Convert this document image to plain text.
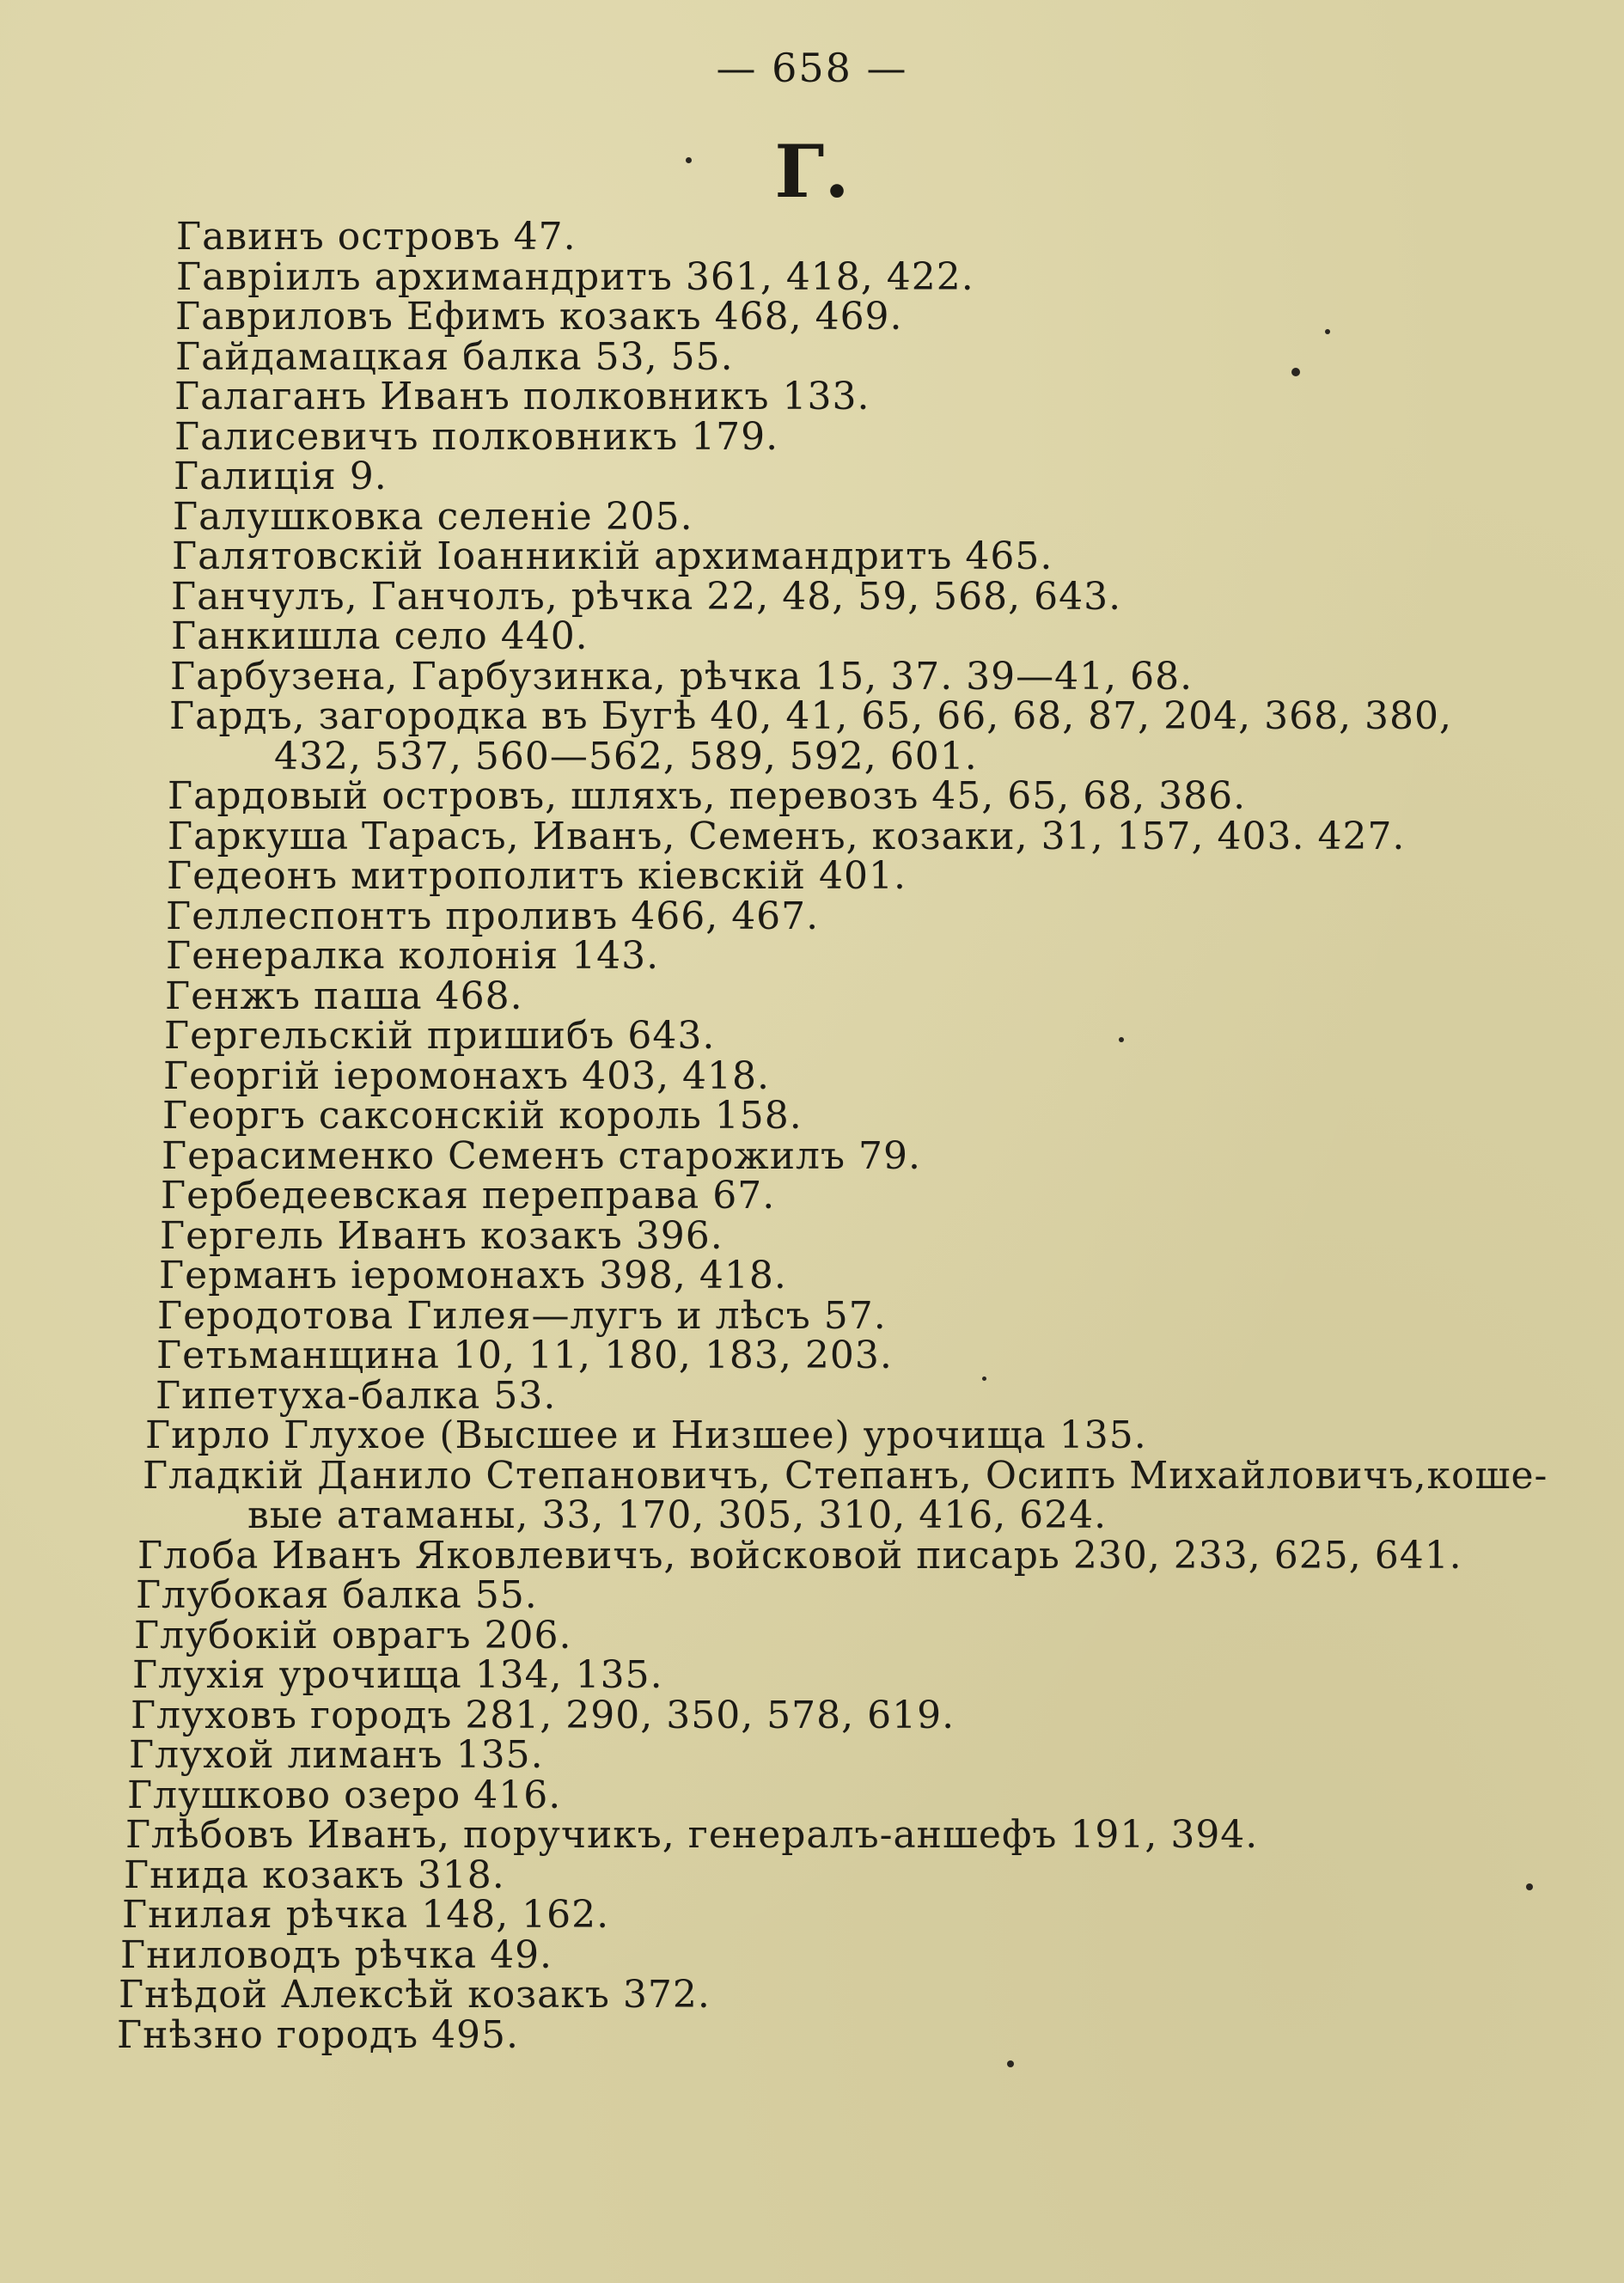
— 658 —
Г.
Гавинъ островъ 47.
Гавріилъ архимандритъ 361, 418, 422.
Гавриловъ Ефимъ козакъ 468, 469.
Гайдамацкая балка 53, 55.
Галаганъ Иванъ полковникъ 133.
Галисевичъ полковникъ 179.
Галиція 9.
Галушковка селеніе 205.
Галятовскій Іоанникій архимандритъ 465.
Ганчулъ, Ганчолъ, рѣчка 22, 48, 59, 568, 643.
Ганкишла село 440.
Гарбузена, Гарбузинка, рѣчка 15, 37. 39—41, 68.
Гардъ, загородка въ Бугѣ 40, 41, 65, 66, 68, 87, 204, 368, 380,
432, 537, 560—562, 589, 592, 601.
Гардовый островъ, шляхъ, перевозъ 45, 65, 68, 386.
Гаркуша Тарасъ, Иванъ, Семенъ, козаки, 31, 157, 403. 427.
Гедеонъ митрополитъ кіевскій 401.
Геллеспонтъ проливъ 466, 467.
Генералка колонія 143.
Генжъ паша 468.
Гергельскій пришибъ 643.
Георгій іеромонахъ 403, 418.
Георгъ саксонскій король 158.
Герасименко Семенъ старожилъ 79.
Гербедеевская переправа 67.
Гергель Иванъ козакъ 396.
Германъ іеромонахъ 398, 418.
Геродотова Гилея—лугъ и лѣсъ 57.
Гетьманщина 10, 11, 180, 183, 203.
Гипетуха-балка 53.
Гирло Глухое (Высшее и Низшее) урочища 135.
Гладкій Данило Степановичъ, Степанъ, Осипъ Михайловичъ,коше-
вые атаманы, 33, 170, 305, 310, 416, 624.
Глоба Иванъ Яковлевичъ, войсковой писарь 230, 233, 625, 641.
Глубокая балка 55.
Глубокій оврагъ 206.
Глухія урочища 134, 135.
Глуховъ городъ 281, 290, 350, 578, 619.
Глухой лиманъ 135.
Глушково озеро 416.
Глѣбовъ Иванъ, поручикъ, генералъ-аншефъ 191, 394.
Гнида козакъ 318.
Гнилая рѣчка 148, 162.
Гниловодъ рѣчка 49.
Гнѣдой Алексѣй козакъ 372.
Гнѣзно городъ 495.
